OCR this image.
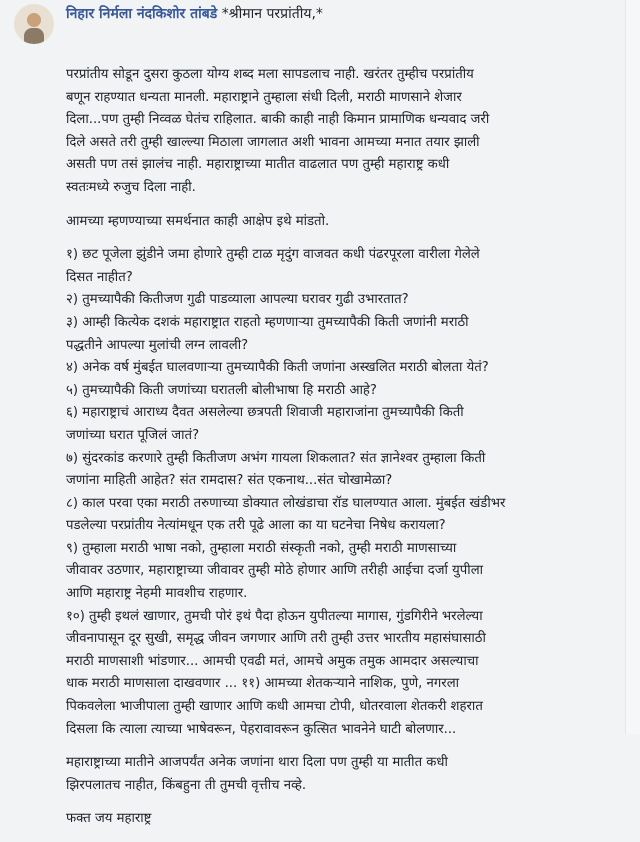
निहार निर्मला नंदकिशोर तांबडे *श्रीमान परप्रांतीय,*
परप्रांतीय सोडून दुसरा कुठला योग्य शब्द मला सापडलाच नाही. खरंतर तुम्हीच परप्रांतीय
बणून राहण्यात धन्यता मानली. महाराष्ट्राने तुम्हाला संधी दिली, मराठी माणसाने शेजार
दिला...पण तुम्ही निव्वळ घेतंच राहिलात. बाकी काही नाही किमान प्रामाणिक धन्यवाद जरी
दिले असते तरी तुम्ही खाल्ल्या मिठाला जागलात अशी भावना आमच्या मनात तयार झाली
असती पण तसं झालंच नाही. महाराष्ट्राच्या मातीत वाढलात पण तुम्ही महाराष्ट्र कधी
स्वतःमध्ये रुजुच दिला नाही.
आमच्या म्हणण्याच्या समर्थनात काही आक्षेप इथे मांडतो.
१) छट पूजेला झुंडीने जमा होणारे तुम्ही टाळ मृदुंग वाजवत कधी पंढरपूरला वारीला गेलेले
दिसत नाहीत?
२) तुमच्यापैकी कितीजण गुढी पाडव्याला आपल्या घरावर गुढी उभारतात?
३) आम्ही कित्येक दशकं महाराष्ट्रात राहतो म्हणणाऱ्या तुमच्यापैकी किती जणांनी मराठी
पद्धतीने आपल्या मुलांची लग्न लावली?
४) अनेक वर्ष मुंबईत घालवणाऱ्या तुमच्यापैकी किती जणांना अस्खलित मराठी बोलता येतं?
५) तुमच्यापैकी किती जणांच्या घरातली बोलीभाषा हि मराठी आहे?
६) महाराष्ट्राचं आराध्य दैवत असलेल्या छत्रपती शिवाजी महाराजांना तुमच्यापैकी किती
जणांच्या घरात पूजिलं जातं?
७) सुंदरकांड करणारे तुम्ही कितीजण अभंग गायला शिकलात? संत ज्ञानेश्वर तुम्हाला किती
जणांना माहिती आहेत? संत रामदास? संत एकनाथ...संत चोखामेळा?
८) काल परवा एका मराठी तरुणाच्या डोक्यात लोखंडाचा रॉड घालण्यात आला. मुंबईत खंडीभर
पडलेल्या परप्रांतीय नेत्यांमधून एक तरी पूढे आला का या घटनेचा निषेध करायला?
९) तुम्हाला मराठी भाषा नको, तुम्हाला मराठी संस्कृती नको, तुम्ही मराठी माणसाच्या
जीवावर उठणार, महाराष्ट्राच्या जीवावर तुम्ही मोठे होणार आणि तरीही आईचा दर्जा युपीला
आणि महाराष्ट्र नेहमी मावशीच राहणार.
१०) तुम्ही इथलं खाणार, तुमची पोरं इथं पैदा होऊन युपीतल्या मागास, गुंडगिरीने भरलेल्या
जीवनापासून दूर सुखी, समृद्ध जीवन जगणार आणि तरी तुम्ही उत्तर भारतीय महासंघासाठी
मराठी माणसाशी भांडणार... आमची एवढी मतं, आमचे अमुक तमुक आमदार असल्याचा
धाक मराठी माणसाला दाखवणार ... ११) आमच्या शेतकऱ्याने नाशिक, पुणे, नगरला
पिकवलेला भाजीपाला तुम्ही खाणार आणि कधी आमचा टोपी, धोतरवाला शेतकरी शहरात
दिसला कि त्याला त्याच्या भाषेवरून, पेहरावावरून कुत्सित भावनेने घाटी बोलणार...
महाराष्ट्राच्या मातीने आजपर्यंत अनेक जणांना थारा दिला पण तुम्ही या मातीत कधी
झिरपलातच नाहीत, किंबहुना ती तुमची वृत्तीच नव्हे.
फक्त जय महाराष्ट्र
